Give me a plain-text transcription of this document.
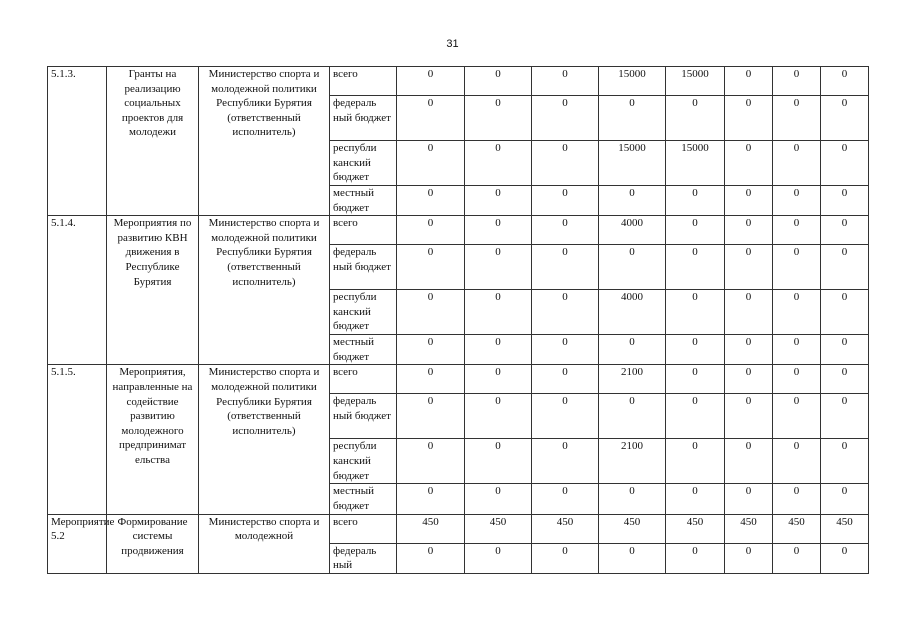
31
5.1.3.	Гранты на реализацию социальных проектов для молодежи	Министерство спорта и молодежной политики Республики Бурятия (ответственный исполнитель)	всего	0	0	0	15000	15000	0	0	0
			федераль ный бюджет	0	0	0	0	0	0	0	0
			республи канский бюджет	0	0	0	15000	15000	0	0	0
			местный бюджет	0	0	0	0	0	0	0	0
5.1.4.	Мероприятия по развитию КВН движения в Республике Бурятия	Министерство спорта и молодежной политики Республики Бурятия (ответственный исполнитель)	всего	0	0	0	4000	0	0	0	0
			федераль ный бюджет	0	0	0	0	0	0	0	0
			республи канский бюджет	0	0	0	4000	0	0	0	0
			местный бюджет	0	0	0	0	0	0	0	0
5.1.5.	Мероприятия, направленные на содействие развитию молодежного предпринимат ельства	Министерство спорта и молодежной политики Республики Бурятия (ответственный исполнитель)	всего	0	0	0	2100	0	0	0	0
			федераль ный бюджет	0	0	0	0	0	0	0	0
			республи канский бюджет	0	0	0	2100	0	0	0	0
			местный бюджет	0	0	0	0	0	0	0	0
Мероприятие 5.2	Формирование системы продвижения	Министерство спорта и молодежной	всего	450	450	450	450	450	450	450	450
			федераль ный	0	0	0	0	0	0	0	0
